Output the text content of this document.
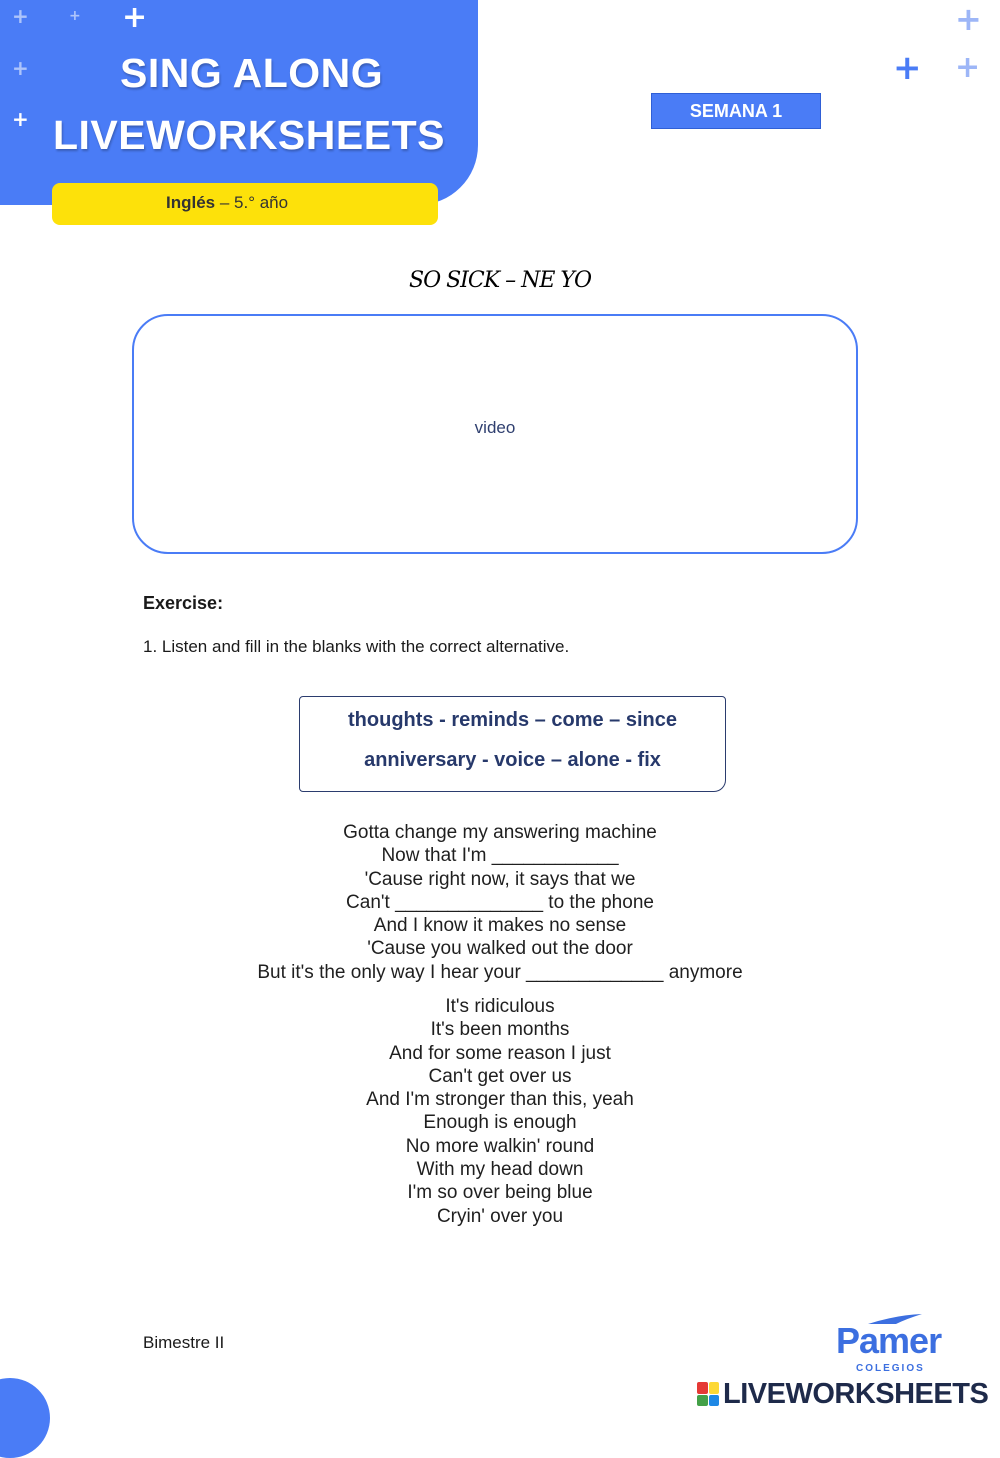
+	+ +
+
+
SING ALONG
LIVEWORKSHEETS
Inglés – 5.° año
+
+ +
SEMANA 1
SO SICK – NE YO
video
Exercise:
1. Listen and fill in the blanks with the correct alternative.
thoughts - reminds – come – since
anniversary - voice – alone - fix
Gotta change my answering machine
Now that I'm ____________
'Cause right now, it says that we
Can't ______________ to the phone
And I know it makes no sense
'Cause you walked out the door
But it's the only way I hear your _____________ anymore
It's ridiculous
It's been months
And for some reason I just
Can't get over us
And I'm stronger than this, yeah
Enough is enough
No more walkin' round
With my head down
I'm so over being blue
Cryin' over you
Bimestre II	Pamer
COLEGIOS
LIVEWORKSHEETS
